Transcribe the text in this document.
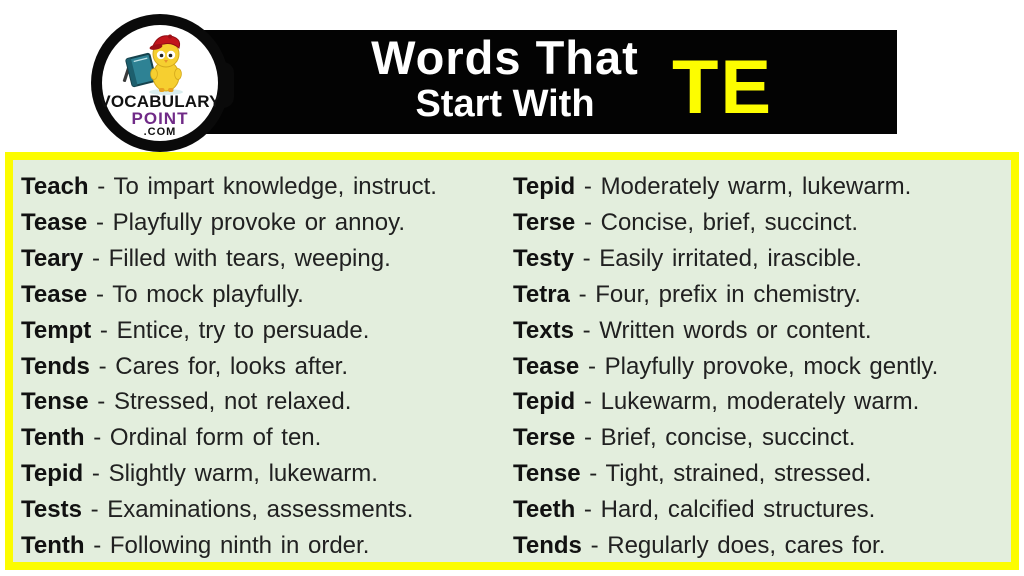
Words That
Start With	TE
VOCABULARY
POINT
.COM
Teach - To impart knowledge, instruct.
Tease - Playfully provoke or annoy.
Teary - Filled with tears, weeping.
Tease - To mock playfully.
Tempt - Entice, try to persuade.
Tends - Cares for, looks after.
Tense - Stressed, not relaxed.
Tenth - Ordinal form of ten.
Tepid - Slightly warm, lukewarm.
Tests - Examinations, assessments.
Tenth - Following ninth in order.
Tepid - Moderately warm, lukewarm.
Terse - Concise, brief, succinct.
Testy - Easily irritated, irascible.
Tetra - Four, prefix in chemistry.
Texts - Written words or content.
Tease - Playfully provoke, mock gently.
Tepid - Lukewarm, moderately warm.
Terse - Brief, concise, succinct.
Tense - Tight, strained, stressed.
Teeth - Hard, calcified structures.
Tends - Regularly does, cares for.
